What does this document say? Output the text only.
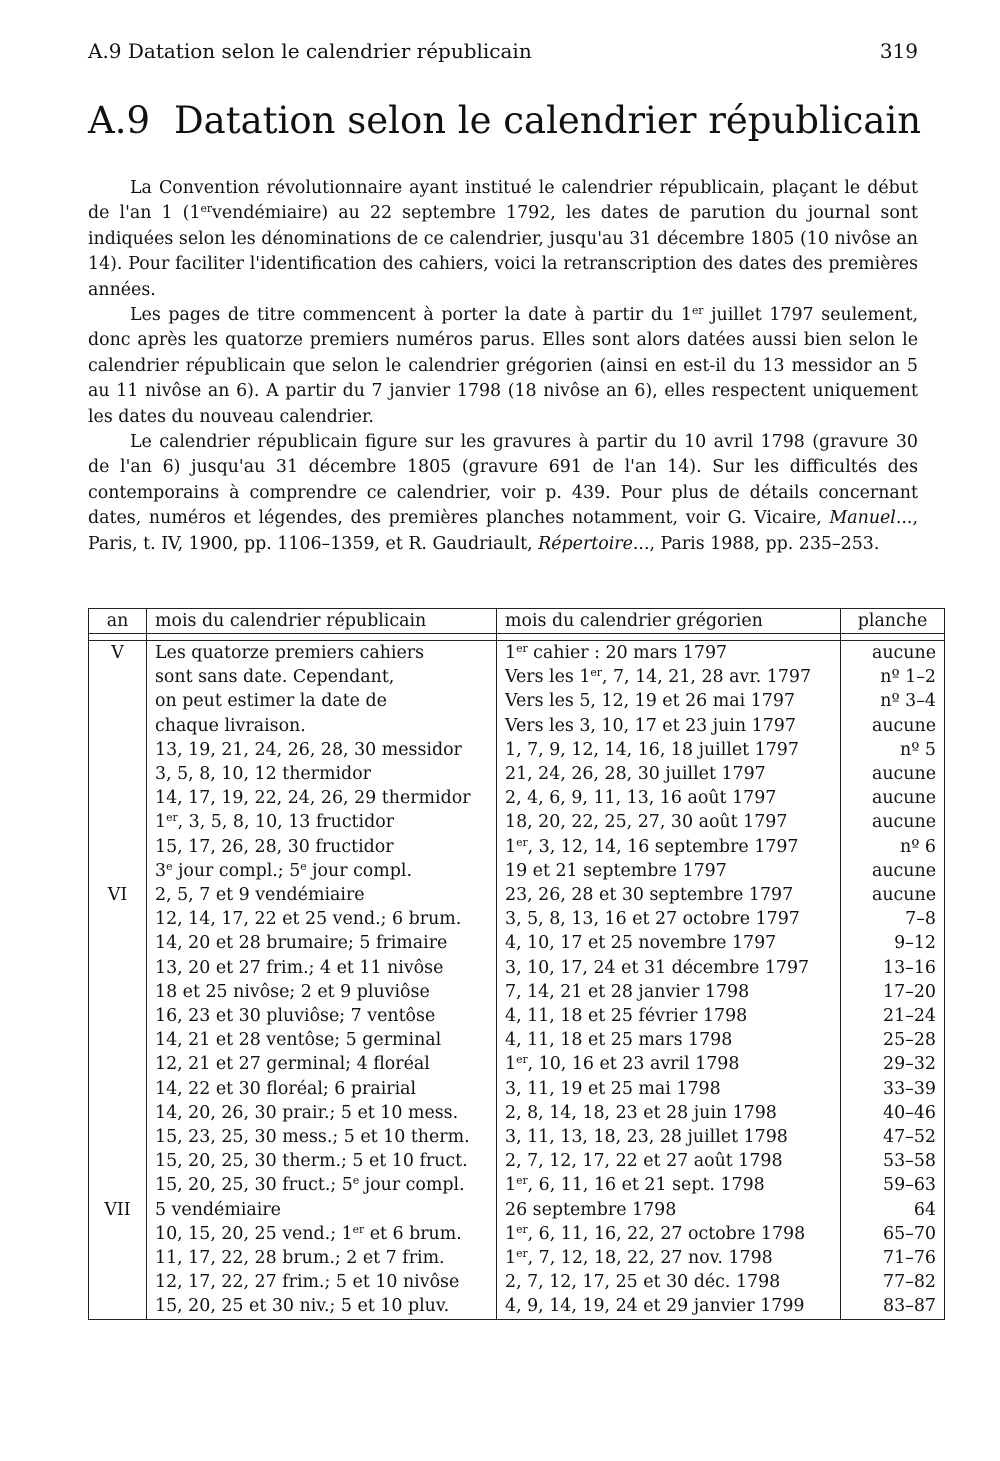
A.9 Datation selon le calendrier républicain	319
A.9 Datation selon le calendrier républicain

La Convention révolutionnaire ayant institué le calendrier républicain, plaçant le début de l'an 1 (1ervendémiaire) au 22 septembre 1792, les dates de parution du journal sont indiquées selon les dénominations de ce calendrier, jusqu'au 31 décembre 1805 (10 nivôse an 14). Pour faciliter l'identification des cahiers, voici la retranscription des dates des premières années.

Les pages de titre commencent à porter la date à partir du 1er juillet 1797 seulement, donc après les quatorze premiers numéros parus. Elles sont alors datées aussi bien selon le calendrier républicain que selon le calendrier grégorien (ainsi en est-il du 13 messidor an 5 au 11 nivôse an 6). A partir du 7 janvier 1798 (18 nivôse an 6), elles respectent uniquement les dates du nouveau calendrier.

Le calendrier républicain figure sur les gravures à partir du 10 avril 1798 (gravure 30 de l'an 6) jusqu'au 31 décembre 1805 (gravure 691 de l'an 14). Sur les difficultés des contemporains à comprendre ce calendrier, voir p. 439. Pour plus de détails concernant dates, numéros et légendes, des premières planches notamment, voir G. Vicaire, Manuel..., Paris, t. IV, 1900, pp. 1106–1359, et R. Gaudriault, Répertoire..., Paris 1988, pp. 235–253.

an	mois du calendrier républicain	mois du calendrier grégorien	planche

V	Les quatorze premiers cahiers	1er cahier : 20 mars 1797	aucune
	sont sans date. Cependant,	Vers les 1er, 7, 14, 21, 28 avr. 1797	nº 1–2
	on peut estimer la date de	Vers les 5, 12, 19 et 26 mai 1797	nº 3–4
	chaque livraison.	Vers les 3, 10, 17 et 23 juin 1797	aucune
	13, 19, 21, 24, 26, 28, 30 messidor	1, 7, 9, 12, 14, 16, 18 juillet 1797	nº 5
	3, 5, 8, 10, 12 thermidor	21, 24, 26, 28, 30 juillet 1797	aucune
	14, 17, 19, 22, 24, 26, 29 thermidor	2, 4, 6, 9, 11, 13, 16 août 1797	aucune
	1er, 3, 5, 8, 10, 13 fructidor	18, 20, 22, 25, 27, 30 août 1797	aucune
	15, 17, 26, 28, 30 fructidor	1er, 3, 12, 14, 16 septembre 1797	nº 6
	3e jour compl.; 5e jour compl.	19 et 21 septembre 1797	aucune
VI	2, 5, 7 et 9 vendémiaire	23, 26, 28 et 30 septembre 1797	aucune
	12, 14, 17, 22 et 25 vend.; 6 brum.	3, 5, 8, 13, 16 et 27 octobre 1797	7–8
	14, 20 et 28 brumaire; 5 frimaire	4, 10, 17 et 25 novembre 1797	9–12
	13, 20 et 27 frim.; 4 et 11 nivôse	3, 10, 17, 24 et 31 décembre 1797	13–16
	18 et 25 nivôse; 2 et 9 pluviôse	7, 14, 21 et 28 janvier 1798	17–20
	16, 23 et 30 pluviôse; 7 ventôse	4, 11, 18 et 25 février 1798	21–24
	14, 21 et 28 ventôse; 5 germinal	4, 11, 18 et 25 mars 1798	25–28
	12, 21 et 27 germinal; 4 floréal	1er, 10, 16 et 23 avril 1798	29–32
	14, 22 et 30 floréal; 6 prairial	3, 11, 19 et 25 mai 1798	33–39
	14, 20, 26, 30 prair.; 5 et 10 mess.	2, 8, 14, 18, 23 et 28 juin 1798	40–46
	15, 23, 25, 30 mess.; 5 et 10 therm.	3, 11, 13, 18, 23, 28 juillet 1798	47–52
	15, 20, 25, 30 therm.; 5 et 10 fruct.	2, 7, 12, 17, 22 et 27 août 1798	53–58
	15, 20, 25, 30 fruct.; 5e jour compl.	1er, 6, 11, 16 et 21 sept. 1798	59–63
VII	5 vendémiaire	26 septembre 1798	64
	10, 15, 20, 25 vend.; 1er et 6 brum.	1er, 6, 11, 16, 22, 27 octobre 1798	65–70
	11, 17, 22, 28 brum.; 2 et 7 frim.	1er, 7, 12, 18, 22, 27 nov. 1798	71–76
	12, 17, 22, 27 frim.; 5 et 10 nivôse	2, 7, 12, 17, 25 et 30 déc. 1798	77–82
	15, 20, 25 et 30 niv.; 5 et 10 pluv.	4, 9, 14, 19, 24 et 29 janvier 1799	83–87
